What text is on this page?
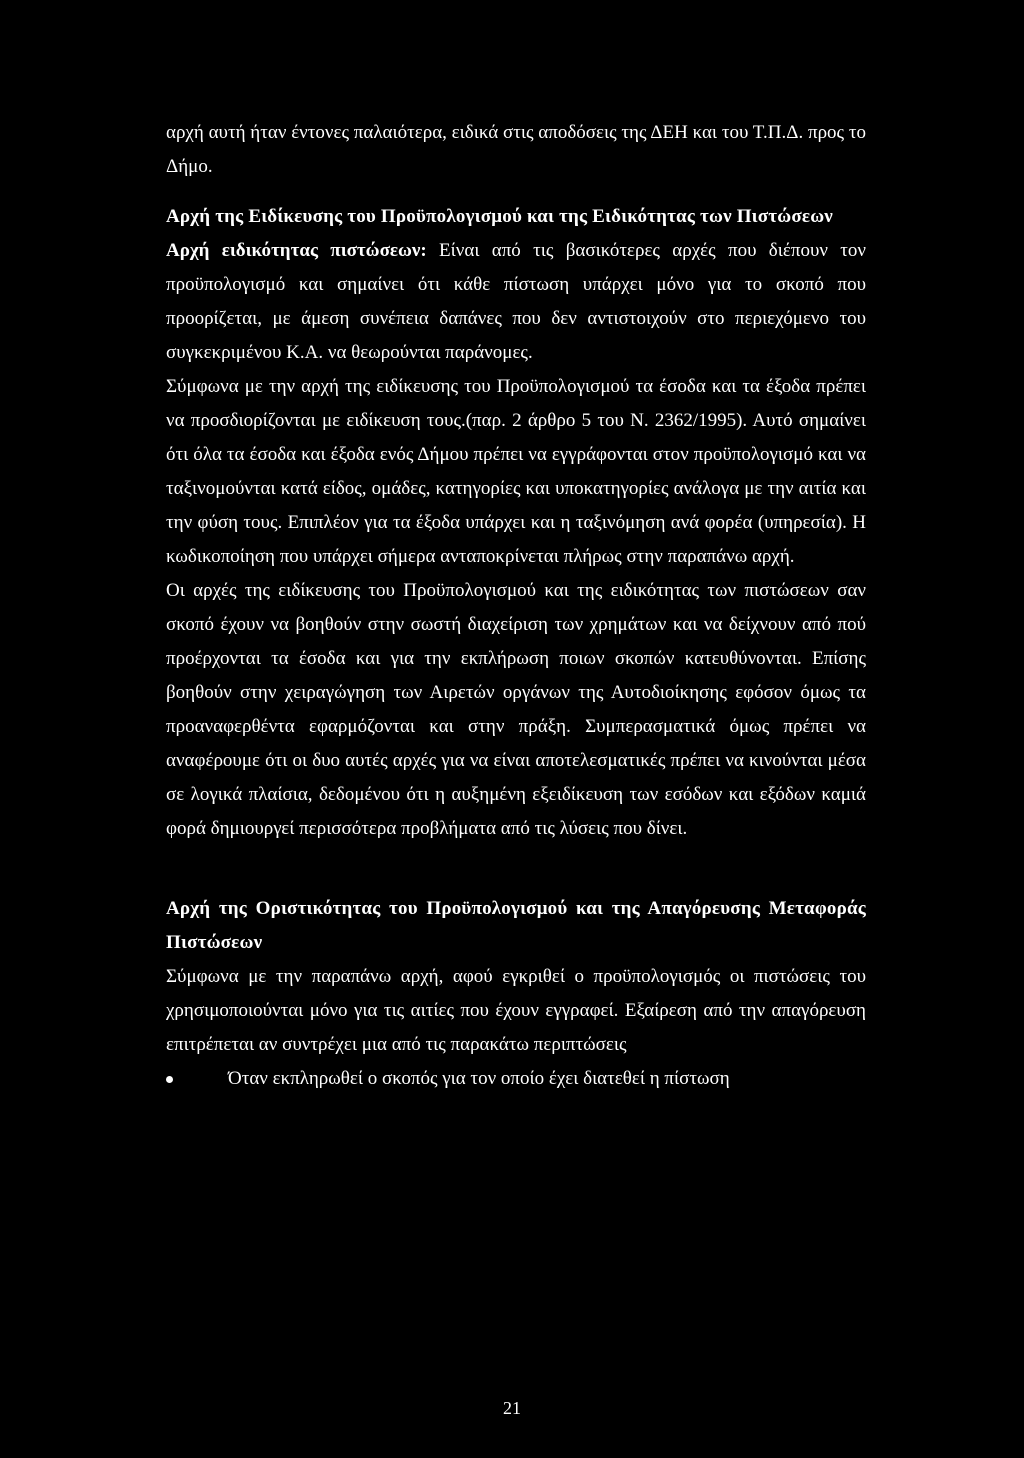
αρχή αυτή ήταν έντονες παλαιότερα, ειδικά στις αποδόσεις της ΔΕΗ και του Τ.Π.Δ. προς το Δήμο.

Αρχή της Ειδίκευσης του Προϋπολογισμού και της Ειδικότητας των Πιστώσεων

Αρχή ειδικότητας πιστώσεων: Είναι από τις βασικότερες αρχές που διέπουν τον προϋπολογισμό και σημαίνει ότι κάθε πίστωση υπάρχει μόνο για το σκοπό που προορίζεται, με άμεση συνέπεια δαπάνες που δεν αντιστοιχούν στο περιεχόμενο του συγκεκριμένου Κ.Α. να θεωρούνται παράνομες.

Σύμφωνα με την αρχή της ειδίκευσης του Προϋπολογισμού τα έσοδα και τα έξοδα πρέπει να προσδιορίζονται με ειδίκευση τους.(παρ. 2 άρθρο 5 του Ν. 2362/1995). Αυτό σημαίνει ότι όλα τα έσοδα και έξοδα ενός Δήμου πρέπει να εγγράφονται στον προϋπολογισμό και να ταξινομούνται κατά είδος, ομάδες, κατηγορίες και υποκατηγορίες ανάλογα με την αιτία και την φύση τους. Επιπλέον για τα έξοδα υπάρχει και η ταξινόμηση ανά φορέα (υπηρεσία). Η κωδικοποίηση που υπάρχει σήμερα ανταποκρίνεται πλήρως στην παραπάνω αρχή.

Οι αρχές της ειδίκευσης του Προϋπολογισμού και της ειδικότητας των πιστώσεων σαν σκοπό έχουν να βοηθούν στην σωστή διαχείριση των χρημάτων και να δείχνουν από πού προέρχονται τα έσοδα και για την εκπλήρωση ποιων σκοπών κατευθύνονται. Επίσης βοηθούν στην χειραγώγηση των Αιρετών οργάνων της Αυτοδιοίκησης εφόσον όμως τα προαναφερθέντα εφαρμόζονται και στην πράξη. Συμπερασματικά όμως πρέπει να αναφέρουμε ότι οι δυο αυτές αρχές για να είναι αποτελεσματικές πρέπει να κινούνται μέσα σε λογικά πλαίσια, δεδομένου ότι η αυξημένη εξειδίκευση των εσόδων και εξόδων καμιά φορά δημιουργεί περισσότερα προβλήματα από τις λύσεις που δίνει.

Αρχή της Οριστικότητας του Προϋπολογισμού και της Απαγόρευσης Μεταφοράς Πιστώσεων

Σύμφωνα με την παραπάνω αρχή, αφού εγκριθεί ο προϋπολογισμός οι πιστώσεις του χρησιμοποιούνται μόνο για τις αιτίες που έχουν εγγραφεί. Εξαίρεση από την απαγόρευση επιτρέπεται αν συντρέχει μια από τις παρακάτω περιπτώσεις

Όταν εκπληρωθεί ο σκοπός για τον οποίο έχει διατεθεί η πίστωση
21
